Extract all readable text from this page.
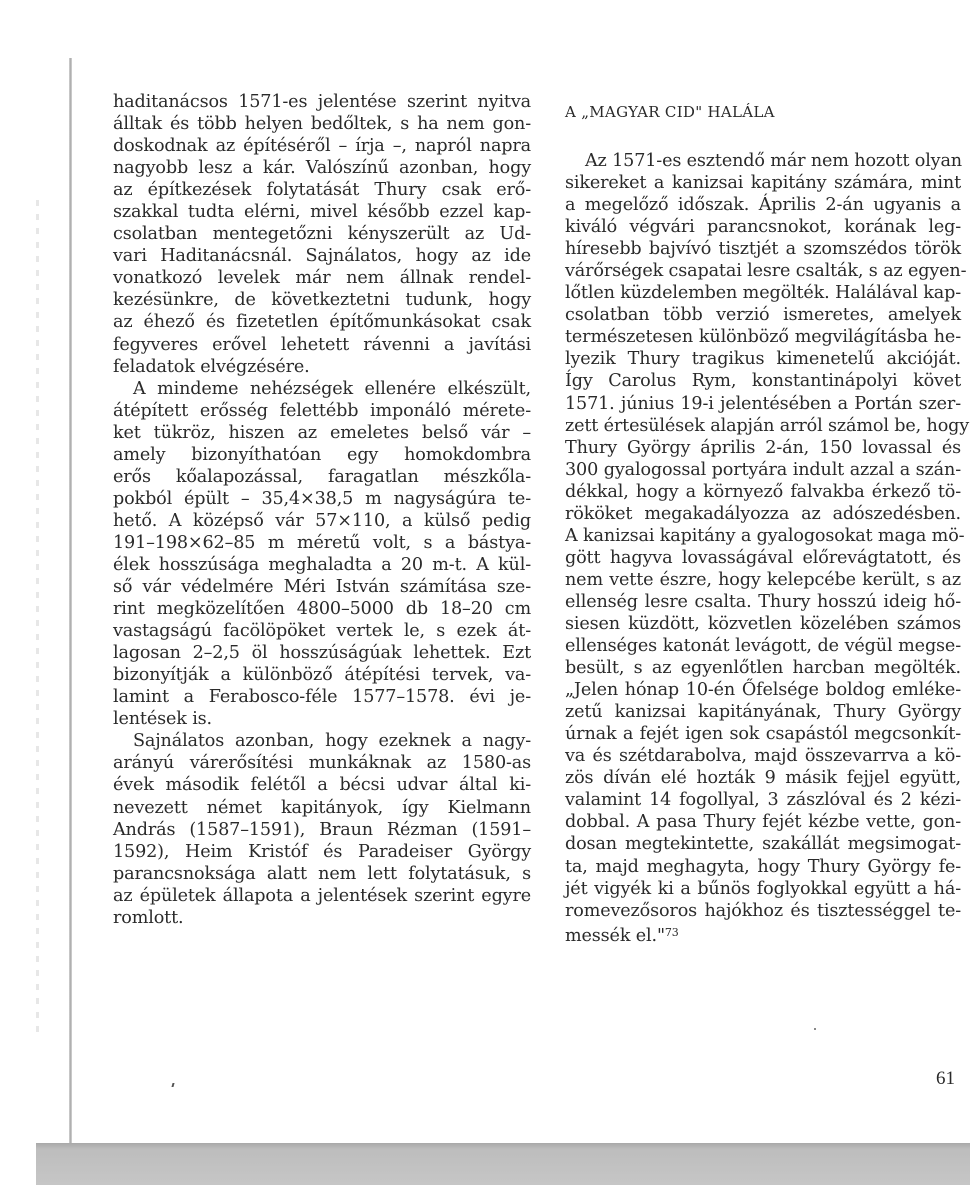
haditanácsos 1571-es jelentése szerint nyitva
álltak és több helyen bedőltek, s ha nem gon-
doskodnak az építéséről – írja –, napról napra
nagyobb lesz a kár. Valószínű azonban, hogy
az építkezések folytatását Thury csak erő-
szakkal tudta elérni, mivel később ezzel kap-
csolatban mentegetőzni kényszerült az Ud-
vari Haditanácsnál. Sajnálatos, hogy az ide
vonatkozó levelek már nem állnak rendel-
kezésünkre, de következtetni tudunk, hogy
az éhező és fizetetlen építőmunkásokat csak
fegyveres erővel lehetett rávenni a javítási
feladatok elvégzésére.
A mindeme nehézségek ellenére elkészült,
átépített erősség felettébb imponáló mérete-
ket tükröz, hiszen az emeletes belső vár –
amely bizonyíthatóan egy homokdombra
erős kőalapozással, faragatlan mészkőla-
pokból épült – 35,4×38,5 m nagyságúra te-
hető. A középső vár 57×110, a külső pedig
191–198×62–85 m méretű volt, s a bástya-
élek hosszúsága meghaladta a 20 m-t. A kül-
ső vár védelmére Méri István számítása sze-
rint megközelítően 4800–5000 db 18–20 cm
vastagságú facölöpöket vertek le, s ezek át-
lagosan 2–2,5 öl hosszúságúak lehettek. Ezt
bizonyítják a különböző átépítési tervek, va-
lamint a Ferabosco-féle 1577–1578. évi je-
lentések is.
Sajnálatos azonban, hogy ezeknek a nagy-
arányú várerősítési munkáknak az 1580-as
évek második felétől a bécsi udvar által ki-
nevezett német kapitányok, így Kielmann
András (1587–1591), Braun Rézman (1591–
1592), Heim Kristóf és Paradeiser György
parancsnoksága alatt nem lett folytatásuk, s
az épületek állapota a jelentések szerint egyre
romlott.
A „MAGYAR CID" HALÁLA
Az 1571-es esztendő már nem hozott olyan
sikereket a kanizsai kapitány számára, mint
a megelőző időszak. Április 2-án ugyanis a
kiváló végvári parancsnokot, korának leg-
híresebb bajvívó tisztjét a szomszédos török
várőrségek csapatai lesre csalták, s az egyen-
lőtlen küzdelemben megölték. Halálával kap-
csolatban több verzió ismeretes, amelyek
természetesen különböző megvilágításba he-
lyezik Thury tragikus kimenetelű akcióját.
Így Carolus Rym, konstantinápolyi követ
1571. június 19-i jelentésében a Portán szer-
zett értesülések alapján arról számol be, hogy
Thury György április 2-án, 150 lovassal és
300 gyalogossal portyára indult azzal a szán-
dékkal, hogy a környező falvakba érkező tö-
rököket megakadályozza az adószedésben.
A kanizsai kapitány a gyalogosokat maga mö-
gött hagyva lovasságával előrevágtatott, és
nem vette észre, hogy kelepcébe került, s az
ellenség lesre csalta. Thury hosszú ideig hő-
siesen küzdött, közvetlen közelében számos
ellenséges katonát levágott, de végül megse-
besült, s az egyenlőtlen harcban megölték.
„Jelen hónap 10-én Őfelsége boldog emléke-
zetű kanizsai kapitányának, Thury György
úrnak a fejét igen sok csapástól megcsonkít-
va és szétdarabolva, majd összevarrva a kö-
zös díván elé hozták 9 másik fejjel együtt,
valamint 14 fogollyal, 3 zászlóval és 2 kézi-
dobbal. A pasa Thury fejét kézbe vette, gon-
dosan megtekintette, szakállát megsimogat-
ta, majd meghagyta, hogy Thury György fe-
jét vigyék ki a bűnös foglyokkal együtt a há-
romevezősoros hajókhoz és tisztességgel te-
messék el."$^{73}$
61
